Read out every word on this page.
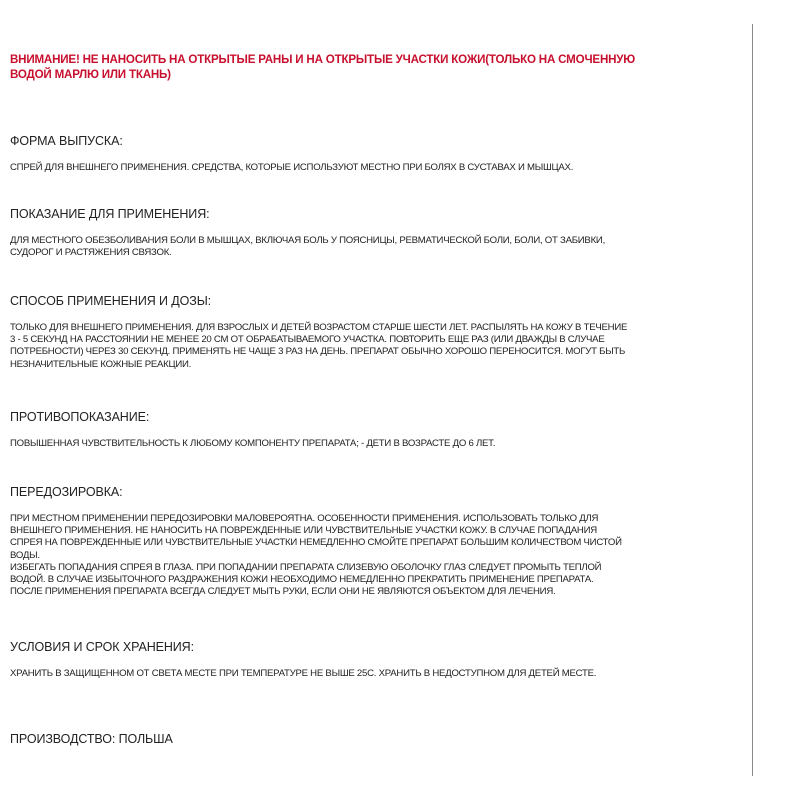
ВНИМАНИЕ! НЕ НАНОСИТЬ НА ОТКРЫТЫЕ РАНЫ И НА ОТКРЫТЫЕ УЧАСТКИ КОЖИ(ТОЛЬКО НА СМОЧЕННУЮ
ВОДОЙ МАРЛЮ ИЛИ ТКАНЬ)
ФОРМА ВЫПУСКА:

СПРЕЙ ДЛЯ ВНЕШНЕГО ПРИМЕНЕНИЯ. СРЕДСТВА, КОТОРЫЕ ИСПОЛЬЗУЮТ МЕСТНО ПРИ БОЛЯХ В СУСТАВАХ И МЫШЦАХ.

ПОКАЗАНИЕ ДЛЯ ПРИМЕНЕНИЯ:

ДЛЯ МЕСТНОГО ОБЕЗБОЛИВАНИЯ БОЛИ В МЫШЦАХ, ВКЛЮЧАЯ БОЛЬ У ПОЯСНИЦЫ, РЕВМАТИЧЕСКОЙ БОЛИ, БОЛИ, ОТ ЗАБИВКИ,
СУДОРОГ И РАСТЯЖЕНИЯ СВЯЗОК.

СПОСОБ ПРИМЕНЕНИЯ И ДОЗЫ:

ТОЛЬКО ДЛЯ ВНЕШНЕГО ПРИМЕНЕНИЯ. ДЛЯ ВЗРОСЛЫХ И ДЕТЕЙ ВОЗРАСТОМ СТАРШЕ ШЕСТИ ЛЕТ. РАСПЫЛЯТЬ НА КОЖУ В ТЕЧЕНИЕ
3 - 5 СЕКУНД НА РАССТОЯНИИ НЕ МЕНЕЕ 20 СМ ОТ ОБРАБАТЫВАЕМОГО УЧАСТКА. ПОВТОРИТЬ ЕЩЕ РАЗ (ИЛИ ДВАЖДЫ В СЛУЧАЕ
ПОТРЕБНОСТИ) ЧЕРЕЗ 30 СЕКУНД. ПРИМЕНЯТЬ НЕ ЧАЩЕ 3 РАЗ НА ДЕНЬ. ПРЕПАРАТ ОБЫЧНО ХОРОШО ПЕРЕНОСИТСЯ. МОГУТ БЫТЬ
НЕЗНАЧИТЕЛЬНЫЕ КОЖНЫЕ РЕАКЦИИ.

ПРОТИВОПОКАЗАНИЕ:

ПОВЫШЕННАЯ ЧУВСТВИТЕЛЬНОСТЬ К ЛЮБОМУ КОМПОНЕНТУ ПРЕПАРАТА; - ДЕТИ В ВОЗРАСТЕ ДО 6 ЛЕТ.

ПЕРЕДОЗИРОВКА:

ПРИ МЕСТНОМ ПРИМЕНЕНИИ ПЕРЕДОЗИРОВКИ МАЛОВЕРОЯТНА. ОСОБЕННОСТИ ПРИМЕНЕНИЯ. ИСПОЛЬЗОВАТЬ ТОЛЬКО ДЛЯ
ВНЕШНЕГО ПРИМЕНЕНИЯ. НЕ НАНОСИТЬ НА ПОВРЕЖДЕННЫЕ ИЛИ ЧУВСТВИТЕЛЬНЫЕ УЧАСТКИ КОЖУ. В СЛУЧАЕ ПОПАДАНИЯ
СПРЕЯ НА ПОВРЕЖДЕННЫЕ ИЛИ ЧУВСТВИТЕЛЬНЫЕ УЧАСТКИ НЕМЕДЛЕННО СМОЙТЕ ПРЕПАРАТ БОЛЬШИМ КОЛИЧЕСТВОМ ЧИСТОЙ
ВОДЫ.
ИЗБЕГАТЬ ПОПАДАНИЯ СПРЕЯ В ГЛАЗА. ПРИ ПОПАДАНИИ ПРЕПАРАТА СЛИЗЕВУЮ ОБОЛОЧКУ ГЛАЗ СЛЕДУЕТ ПРОМЫТЬ ТЕПЛОЙ
ВОДОЙ. В СЛУЧАЕ ИЗБЫТОЧНОГО РАЗДРАЖЕНИЯ КОЖИ НЕОБХОДИМО НЕМЕДЛЕННО ПРЕКРАТИТЬ ПРИМЕНЕНИЕ ПРЕПАРАТА.
ПОСЛЕ ПРИМЕНЕНИЯ ПРЕПАРАТА ВСЕГДА СЛЕДУЕТ МЫТЬ РУКИ, ЕСЛИ ОНИ НЕ ЯВЛЯЮТСЯ ОБЪЕКТОМ ДЛЯ ЛЕЧЕНИЯ.

УСЛОВИЯ И СРОК ХРАНЕНИЯ:

ХРАНИТЬ В ЗАЩИЩЕННОМ ОТ СВЕТА МЕСТЕ ПРИ ТЕМПЕРАТУРЕ НЕ ВЫШЕ 25С. ХРАНИТЬ В НЕДОСТУПНОМ ДЛЯ ДЕТЕЙ МЕСТЕ.

ПРОИЗВОДСТВО: ПОЛЬША
